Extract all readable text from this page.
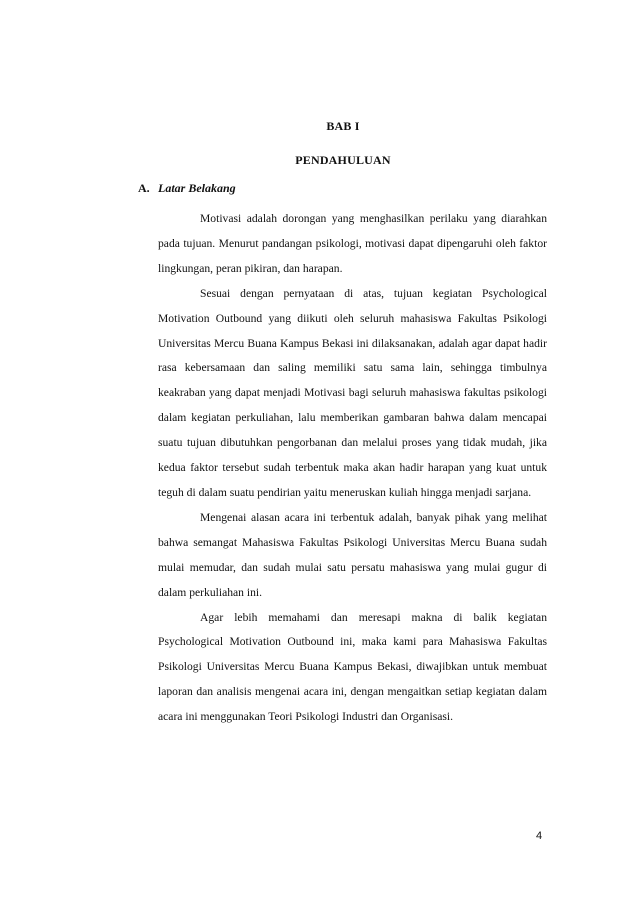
BAB I
PENDAHULUAN
A. Latar Belakang

Motivasi adalah dorongan yang menghasilkan perilaku yang diarahkan pada tujuan. Menurut pandangan psikologi, motivasi dapat dipengaruhi oleh faktor lingkungan, peran pikiran, dan harapan.

Sesuai dengan pernyataan di atas, tujuan kegiatan Psychological Motivation Outbound yang diikuti oleh seluruh mahasiswa Fakultas Psikologi Universitas Mercu Buana Kampus Bekasi ini dilaksanakan, adalah agar dapat hadir rasa kebersamaan dan saling memiliki satu sama lain, sehingga timbulnya keakraban yang dapat menjadi Motivasi bagi seluruh mahasiswa fakultas psikologi dalam kegiatan perkuliahan, lalu memberikan gambaran bahwa dalam mencapai suatu tujuan dibutuhkan pengorbanan dan melalui proses yang tidak mudah, jika kedua faktor tersebut sudah terbentuk maka akan hadir harapan yang kuat untuk teguh di dalam suatu pendirian yaitu meneruskan kuliah hingga menjadi sarjana.

Mengenai alasan acara ini terbentuk adalah, banyak pihak yang melihat bahwa semangat Mahasiswa Fakultas Psikologi Universitas Mercu Buana sudah mulai memudar, dan sudah mulai satu persatu mahasiswa yang mulai gugur di dalam perkuliahan ini.

Agar lebih memahami dan meresapi makna di balik kegiatan Psychological Motivation Outbound ini, maka kami para Mahasiswa Fakultas Psikologi Universitas Mercu Buana Kampus Bekasi, diwajibkan untuk membuat laporan dan analisis mengenai acara ini, dengan mengaitkan setiap kegiatan dalam acara ini menggunakan Teori Psikologi Industri dan Organisasi.

4
